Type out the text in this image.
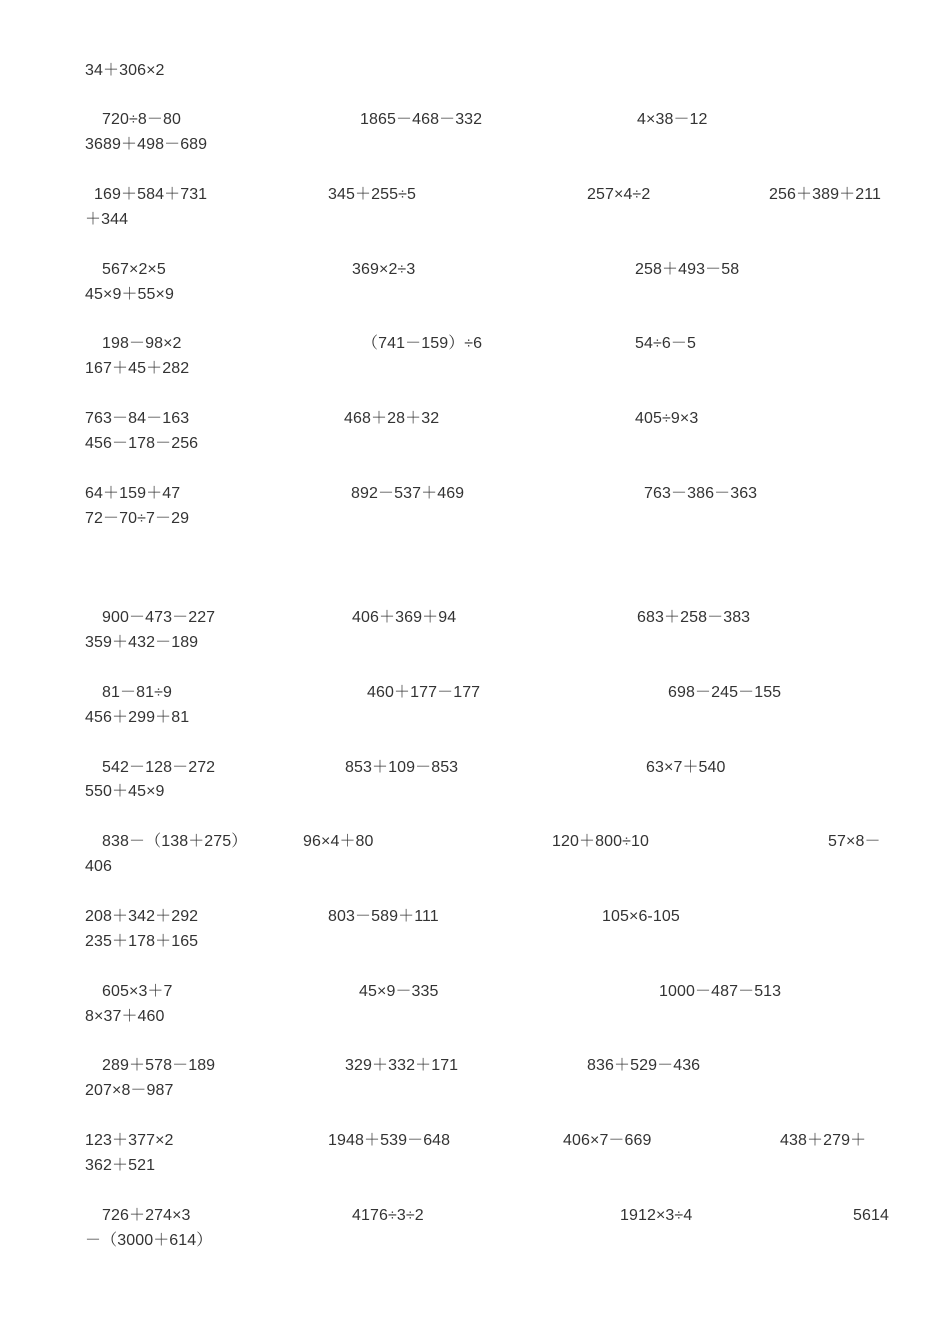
34＋306×2
720÷8－80	1865－468－332	4×38－12
3689＋498－689
169＋584＋731	345＋255÷5	257×4÷2	256＋389＋211
＋344
567×2×5	369×2÷3	258＋493－58
45×9＋55×9
198－98×2	（741－159）÷6	54÷6－5
167＋45＋282
763－84－163	468＋28＋32	405÷9×3
456－178－256
64＋159＋47	892－537＋469	763－386－363
72－70÷7－29
900－473－227	406＋369＋94	683＋258－383
359＋432－189
81－81÷9	460＋177－177	698－245－155
456＋299＋81
542－128－272	853＋109－853	63×7＋540
550＋45×9
838－（138＋275）	96×4＋80	120＋800÷10	57×8－
406
208＋342＋292	803－589＋111	105×6-105
235＋178＋165
605×3＋7	45×9－335	1000－487－513
8×37＋460
289＋578－189	329＋332＋171	836＋529－436
207×8－987
123＋377×2	1948＋539－648	406×7－669	438＋279＋
362＋521
726＋274×3	4176÷3÷2	1912×3÷4	5614
－（3000＋614）
